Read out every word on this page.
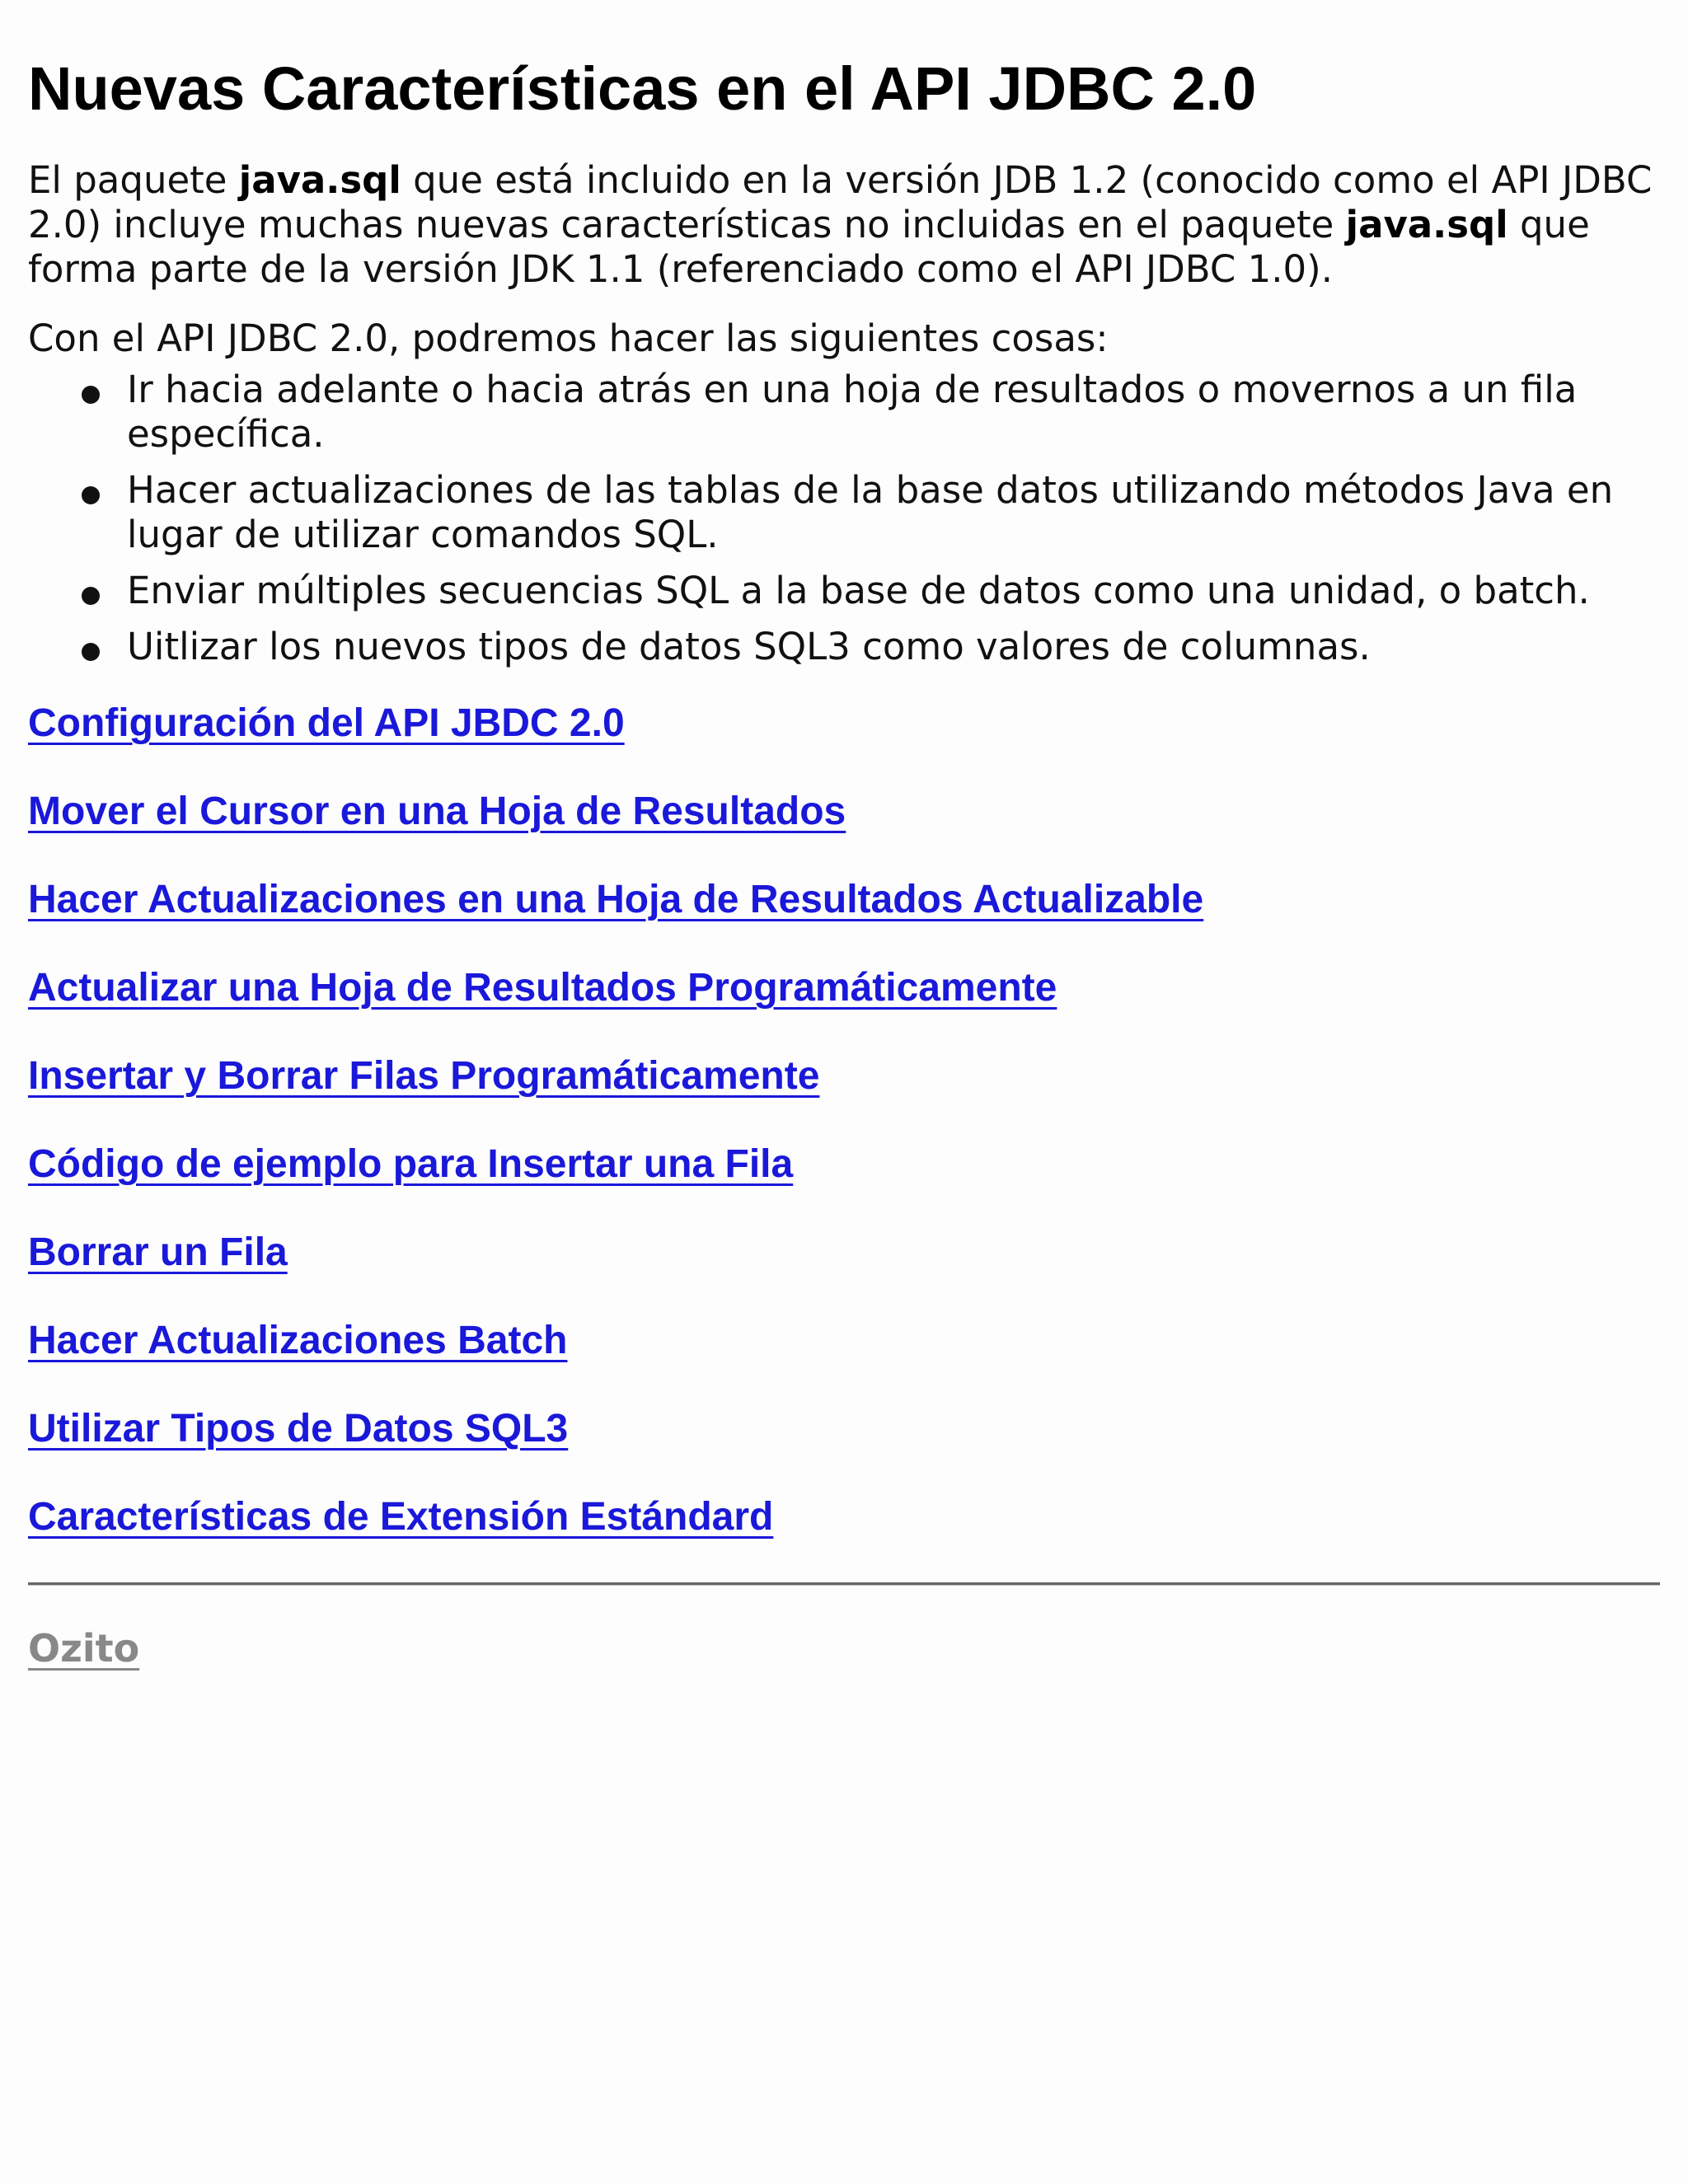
Nuevas Características en el API JDBC 2.0

El paquete java.sql que está incluido en la versión JDB 1.2 (conocido como el API JDBC 2.0) incluye muchas nuevas características no incluidas en el paquete java.sql que forma parte de la versión JDK 1.1 (referenciado como el API JDBC 1.0).

Con el API JDBC 2.0, podremos hacer las siguientes cosas:

Ir hacia adelante o hacia atrás en una hoja de resultados o movernos a un fila específica.
Hacer actualizaciones de las tablas de la base datos utilizando métodos Java en lugar de utilizar comandos SQL.
Enviar múltiples secuencias SQL a la base de datos como una unidad, o batch.
Uitlizar los nuevos tipos de datos SQL3 como valores de columnas.
Configuración del API JBDC 2.0
Mover el Cursor en una Hoja de Resultados
Hacer Actualizaciones en una Hoja de Resultados Actualizable
Actualizar una Hoja de Resultados Programáticamente
Insertar y Borrar Filas Programáticamente
Código de ejemplo para Insertar una Fila
Borrar un Fila
Hacer Actualizaciones Batch
Utilizar Tipos de Datos SQL3
Características de Extensión Estándard
Ozito
